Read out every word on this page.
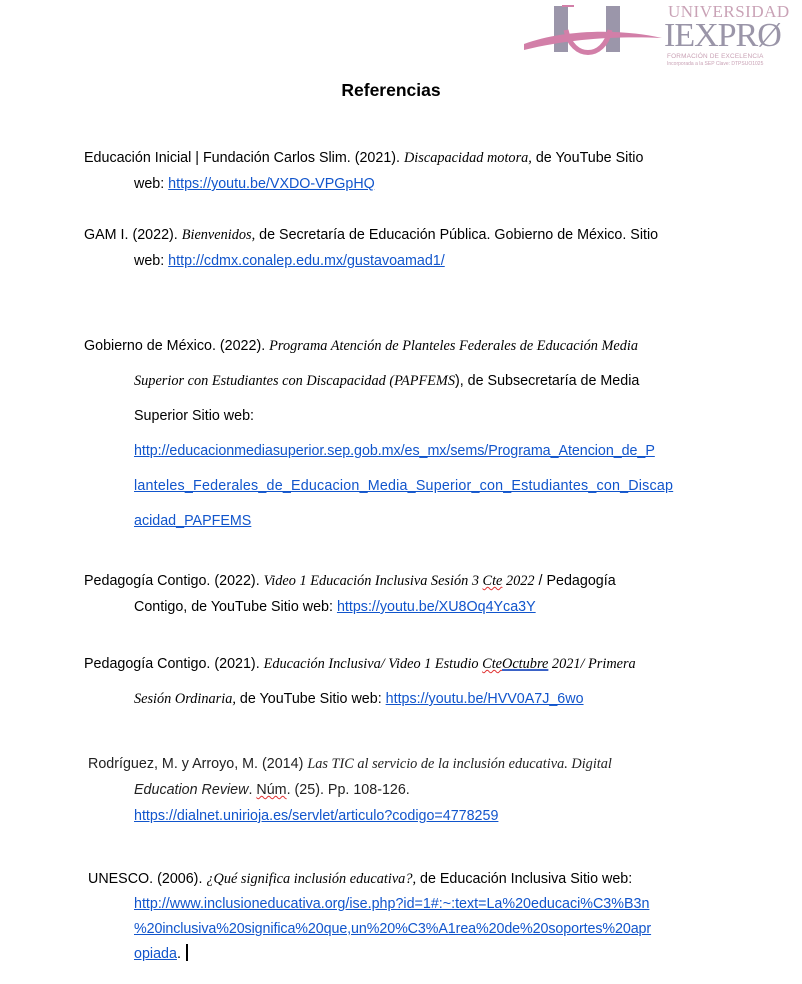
UNIVERSIDAD
IEXPRØ
FORMACIÓN DE EXCELENCIA
Incorporada a la SEP Clave: DTPSUO1025
Referencias
Educación Inicial | Fundación Carlos Slim. (2021). Discapacidad motora, de YouTube Sitio
web: https://youtu.be/VXDO-VPGpHQ
GAM I. (2022). Bienvenidos, de Secretaría de Educación Pública. Gobierno de México. Sitio
web: http://cdmx.conalep.edu.mx/gustavoamad1/
Gobierno de México. (2022). Programa Atención de Planteles Federales de Educación Media
Superior con Estudiantes con Discapacidad (PAPFEMS), de Subsecretaría de Media
Superior Sitio web:
http://educacionmediasuperior.sep.gob.mx/es_mx/sems/Programa_Atencion_de_P
lanteles_Federales_de_Educacion_Media_Superior_con_Estudiantes_con_Discap
acidad_PAPFEMS
Pedagogía Contigo. (2022). Video 1 Educación Inclusiva Sesión 3 Cte 2022 / Pedagogía
Contigo, de YouTube Sitio web: https://youtu.be/XU8Oq4Yca3Y
Pedagogía Contigo. (2021). Educación Inclusiva/ Video 1 Estudio CteOctubre 2021/ Primera
Sesión Ordinaria, de YouTube Sitio web: https://youtu.be/HVV0A7J_6wo
Rodríguez, M. y Arroyo, M. (2014) Las TIC al servicio de la inclusión educativa. Digital
Education Review. Núm. (25). Pp. 108-126.
https://dialnet.unirioja.es/servlet/articulo?codigo=4778259
UNESCO. (2006). ¿Qué significa inclusión educativa?, de Educación Inclusiva Sitio web:
http://www.inclusioneducativa.org/ise.php?id=1#:~:text=La%20educaci%C3%B3n
%20inclusiva%20significa%20que,un%20%C3%A1rea%20de%20soportes%20apr
opiada.
